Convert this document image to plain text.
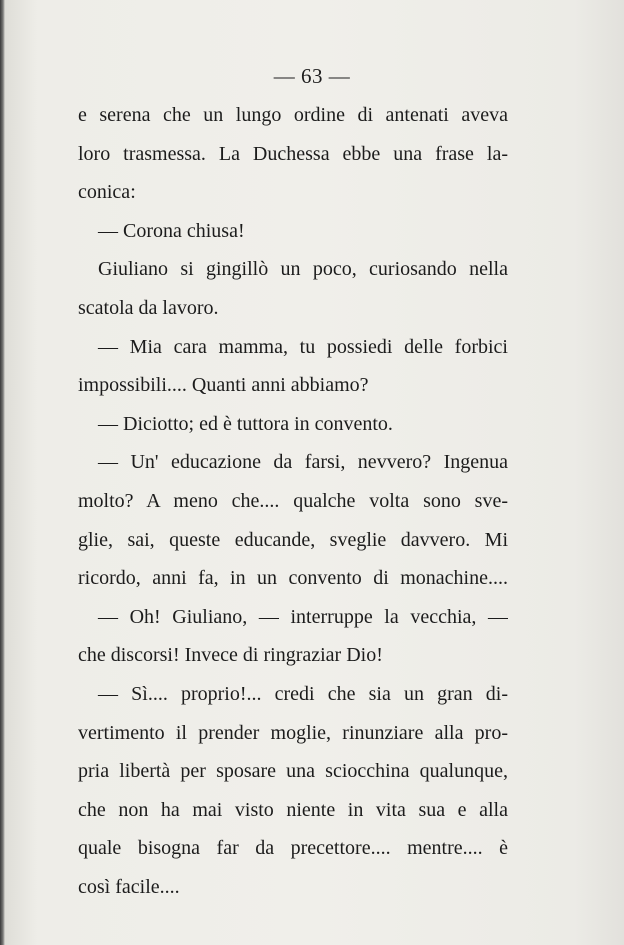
— 63 —
e serena che un lungo ordine di antenati aveva
loro trasmessa. La Duchessa ebbe una frase la-
conica:
— Corona chiusa!
Giuliano si gingillò un poco, curiosando nella
scatola da lavoro.
— Mia cara mamma, tu possiedi delle forbici
impossibili.... Quanti anni abbiamo?
— Diciotto; ed è tuttora in convento.
— Un' educazione da farsi, nevvero? Ingenua
molto? A meno che.... qualche volta sono sve-
glie, sai, queste educande, sveglie davvero. Mi
ricordo, anni fa, in un convento di monachine....
— Oh! Giuliano, — interruppe la vecchia, —
che discorsi! Invece di ringraziar Dio!
— Sì.... proprio!... credi che sia un gran di-
vertimento il prender moglie, rinunziare alla pro-
pria libertà per sposare una sciocchina qualunque,
che non ha mai visto niente in vita sua e alla
quale bisogna far da precettore.... mentre.... è
così facile....
